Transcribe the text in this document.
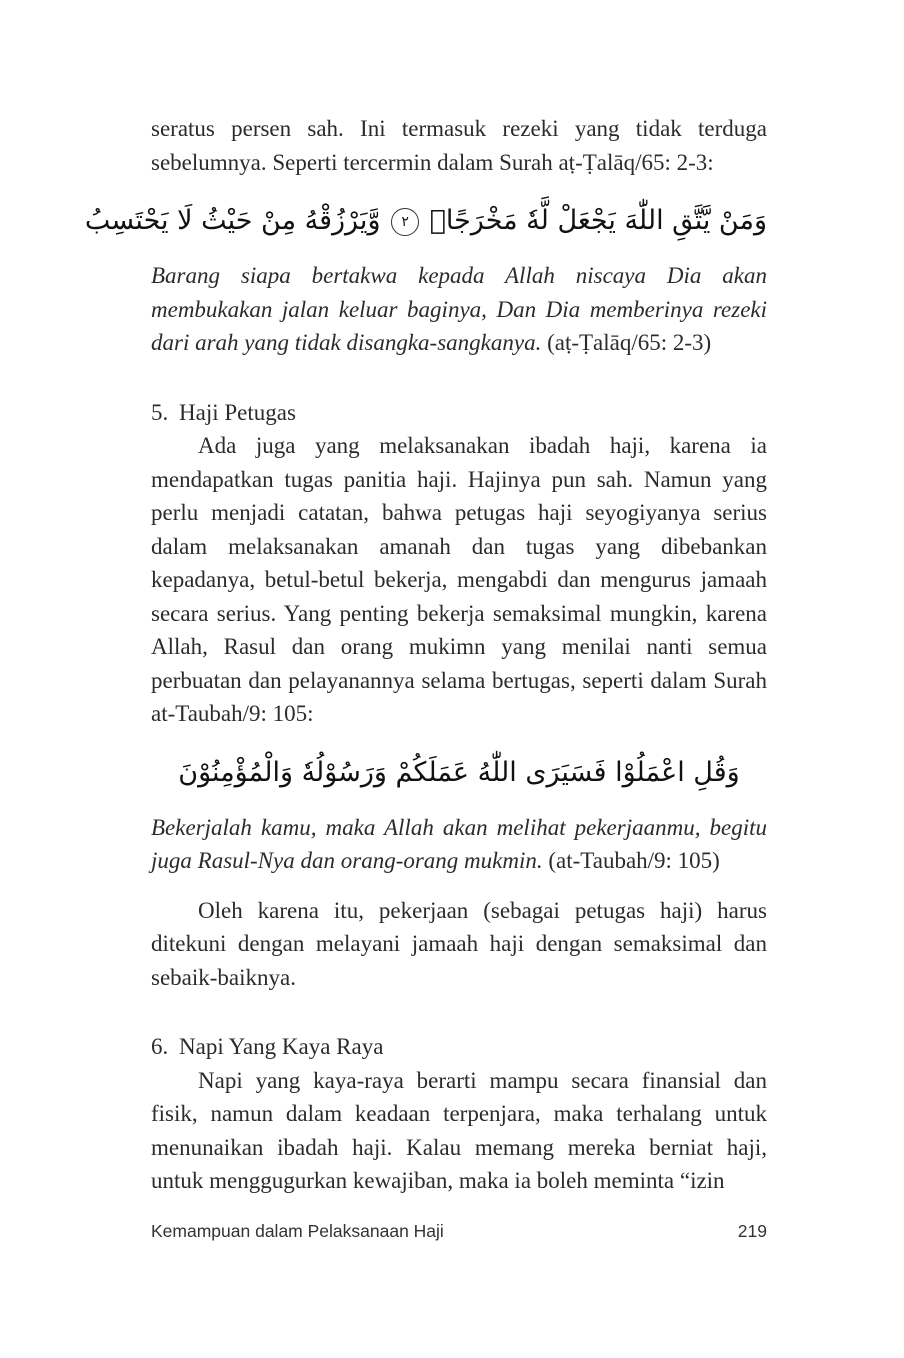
seratus persen sah. Ini termasuk rezeki yang tidak terduga sebelumnya. Seperti tercermin dalam Surah aṭ-Ṭalāq/65: 2-3:

وَمَنْ يَّتَّقِ اللّٰهَ يَجْعَلْ لَّهٗ مَخْرَجًاۙ ٢ وَّيَرْزُقْهُ مِنْ حَيْثُ لَا يَحْتَسِبُ

Barang siapa bertakwa kepada Allah niscaya Dia akan membukakan jalan keluar baginya, Dan Dia memberinya rezeki dari arah yang tidak disangka-sangkanya. (aṭ-Ṭalāq/65: 2-3)

5. Haji Petugas

Ada juga yang melaksanakan ibadah haji, karena ia mendapatkan tugas panitia haji. Hajinya pun sah. Namun yang perlu menjadi catatan, bahwa petugas haji seyogiyanya serius dalam melaksanakan amanah dan tugas yang dibebankan kepadanya, betul-betul bekerja, mengabdi dan mengurus jamaah secara serius. Yang penting bekerja semaksimal mungkin, karena Allah, Rasul dan orang mukimn yang menilai nanti semua perbuatan dan pelayanannya selama bertugas, seperti dalam Surah at-Taubah/9: 105:

وَقُلِ اعْمَلُوْا فَسَيَرَى اللّٰهُ عَمَلَكُمْ وَرَسُوْلُهٗ وَالْمُؤْمِنُوْنَ

Bekerjalah kamu, maka Allah akan melihat pekerjaanmu, begitu juga Rasul-Nya dan orang-orang mukmin. (at-Taubah/9: 105)

Oleh karena itu, pekerjaan (sebagai petugas haji) harus ditekuni dengan melayani jamaah haji dengan semaksimal dan sebaik-baiknya.

6. Napi Yang Kaya Raya

Napi yang kaya-raya berarti mampu secara finansial dan fisik, namun dalam keadaan terpenjara, maka terhalang untuk menunaikan ibadah haji. Kalau memang mereka berniat haji, untuk menggugurkan kewajiban, maka ia boleh meminta “izin

Kemampuan dalam Pelaksanaan Haji	219
